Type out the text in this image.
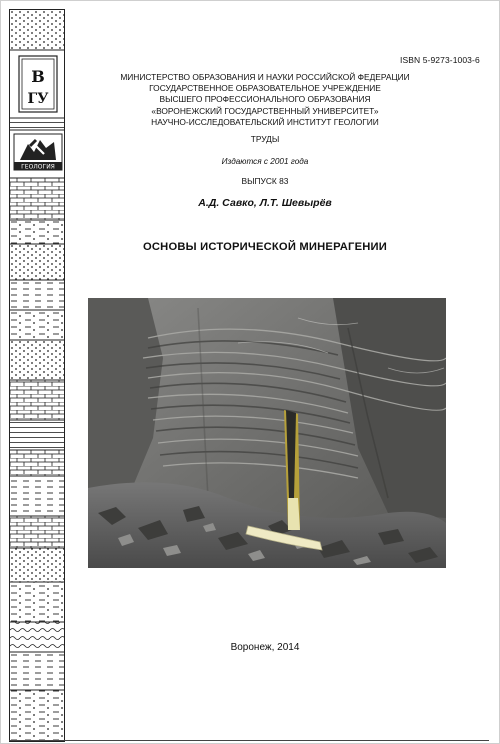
В
ГУ
ГЕОЛОГИЯ
ISBN 5-9273-1003-6
МИНИСТЕРСТВО ОБРАЗОВАНИЯ И НАУКИ РОССИЙСКОЙ ФЕДЕРАЦИИ
ГОСУДАРСТВЕННОЕ ОБРАЗОВАТЕЛЬНОЕ УЧРЕЖДЕНИЕ
ВЫСШЕГО ПРОФЕССИОНАЛЬНОГО ОБРАЗОВАНИЯ
«ВОРОНЕЖСКИЙ ГОСУДАРСТВЕННЫЙ УНИВЕРСИТЕТ»
НАУЧНО-ИССЛЕДОВАТЕЛЬСКИЙ ИНСТИТУТ ГЕОЛОГИИ
ТРУДЫ
Издаются с 2001 года
ВЫПУСК 83
А.Д. Савко, Л.Т. Шевырёв
ОСНОВЫ ИСТОРИЧЕСКОЙ МИНЕРАГЕНИИ
Воронеж, 2014
